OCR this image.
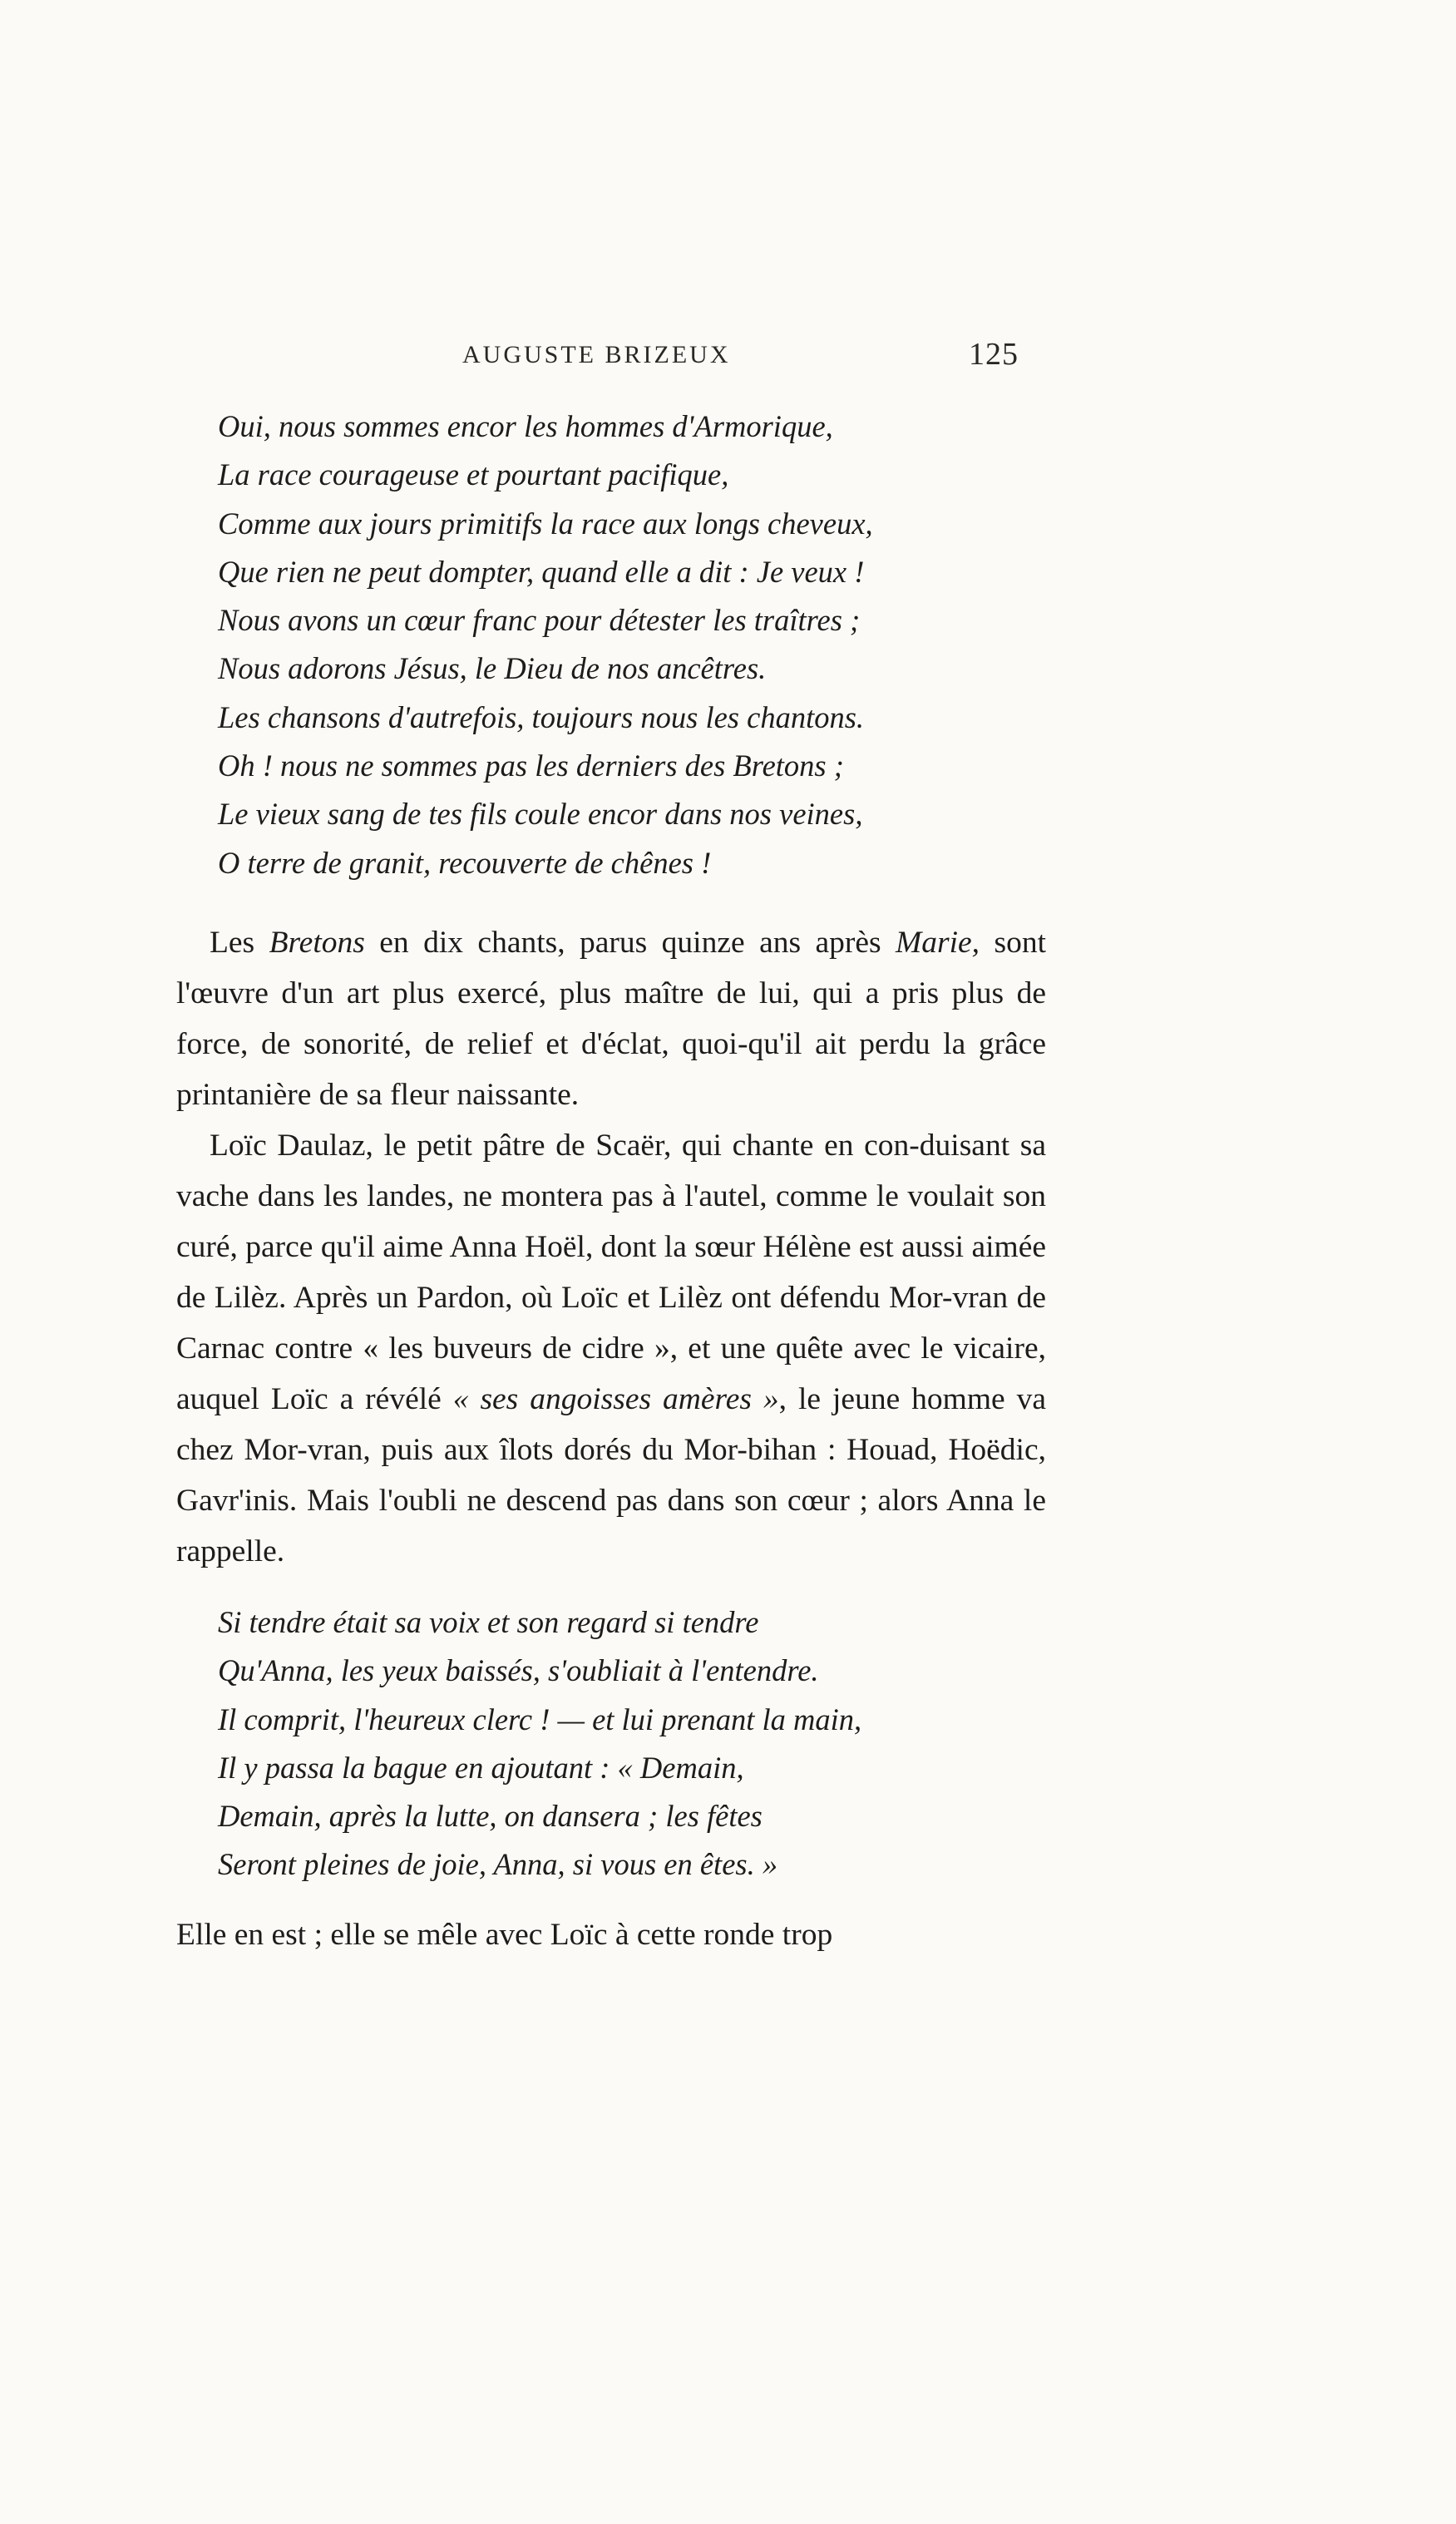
AUGUSTE BRIZEUX	125
Oui, nous sommes encor les hommes d'Armorique,
La race courageuse et pourtant pacifique,
Comme aux jours primitifs la race aux longs cheveux,
Que rien ne peut dompter, quand elle a dit : Je veux !
Nous avons un cœur franc pour détester les traîtres ;
Nous adorons Jésus, le Dieu de nos ancêtres.
Les chansons d'autrefois, toujours nous les chantons.
Oh ! nous ne sommes pas les derniers des Bretons ;
Le vieux sang de tes fils coule encor dans nos veines,
O terre de granit, recouverte de chênes !

Les Bretons en dix chants, parus quinze ans après Marie, sont l'œuvre d'un art plus exercé, plus maître de lui, qui a pris plus de force, de sonorité, de relief et d'éclat, quoi-qu'il ait perdu la grâce printanière de sa fleur naissante.

Loïc Daulaz, le petit pâtre de Scaër, qui chante en con-duisant sa vache dans les landes, ne montera pas à l'autel, comme le voulait son curé, parce qu'il aime Anna Hoël, dont la sœur Hélène est aussi aimée de Lilèz. Après un Pardon, où Loïc et Lilèz ont défendu Mor-vran de Carnac contre « les buveurs de cidre », et une quête avec le vicaire, auquel Loïc a révélé « ses angoisses amères », le jeune homme va chez Mor-vran, puis aux îlots dorés du Mor-bihan : Houad, Hoëdic, Gavr'inis. Mais l'oubli ne descend pas dans son cœur ; alors Anna le rappelle.

Si tendre était sa voix et son regard si tendre
Qu'Anna, les yeux baissés, s'oubliait à l'entendre.
Il comprit, l'heureux clerc ! — et lui prenant la main,
Il y passa la bague en ajoutant : « Demain,
Demain, après la lutte, on dansera ; les fêtes
Seront pleines de joie, Anna, si vous en êtes. »

Elle en est ; elle se mêle avec Loïc à cette ronde trop
